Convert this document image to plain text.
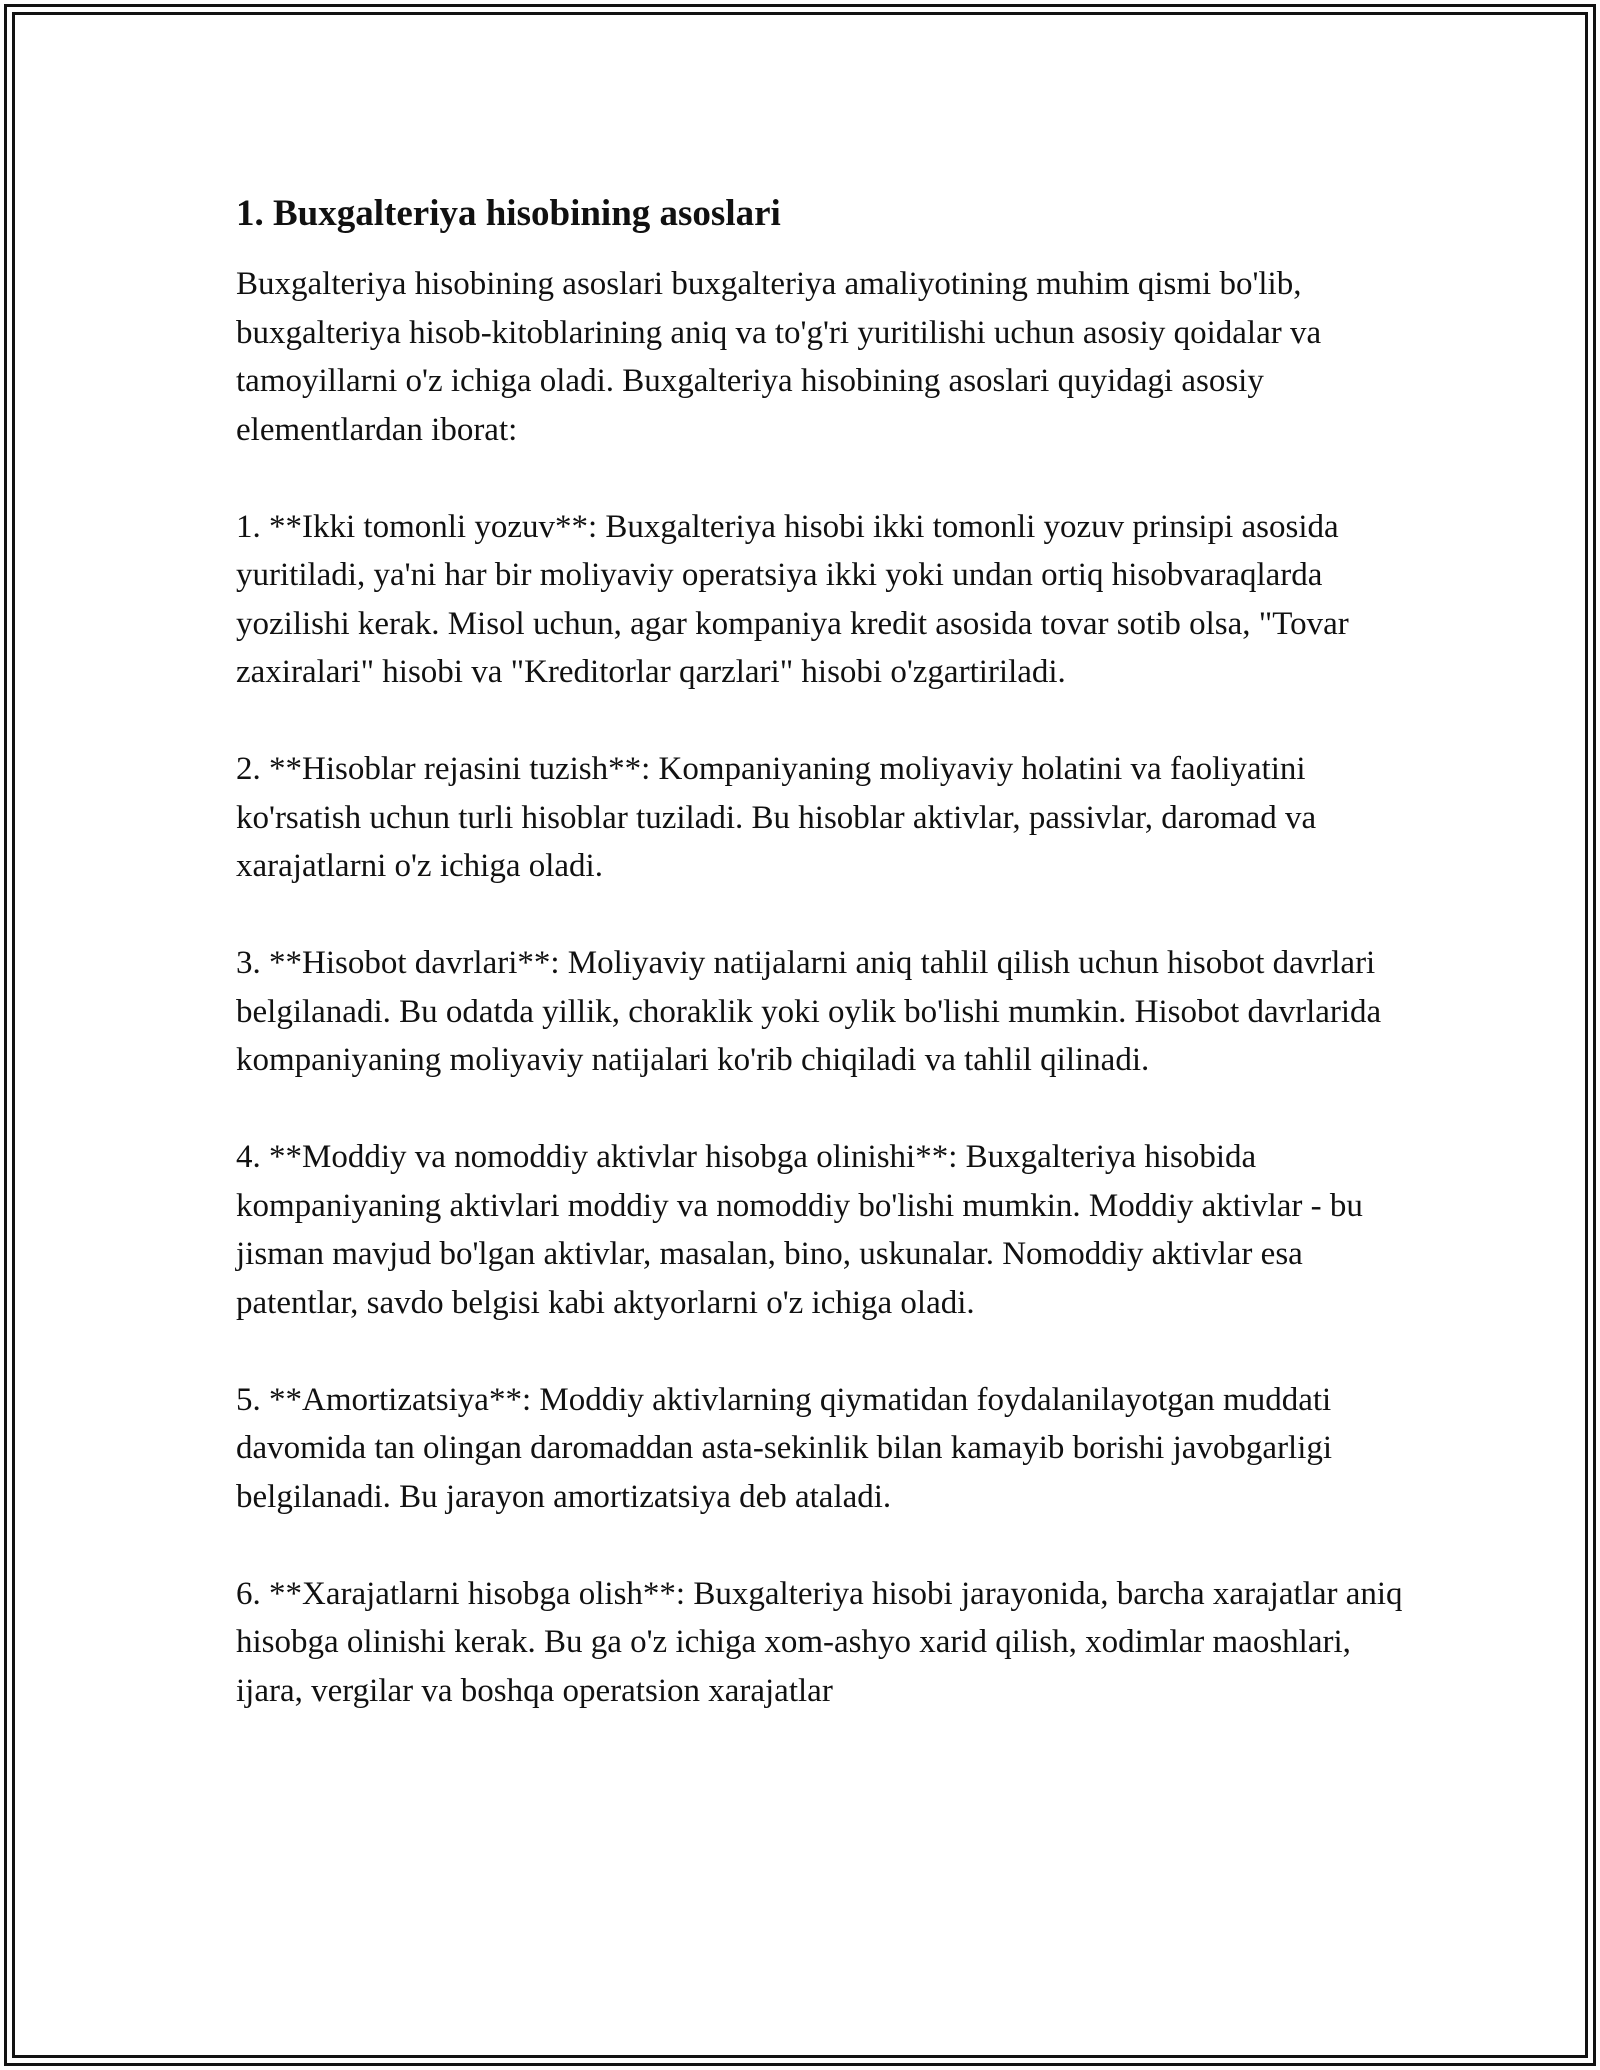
1. Buxgalteriya hisobining asoslari

Buxgalteriya hisobining asoslari buxgalteriya amaliyotining muhim qismi bo'lib, buxgalteriya hisob-kitoblarining aniq va to'g'ri yuritilishi uchun asosiy qoidalar va tamoyillarni o'z ichiga oladi. Buxgalteriya hisobining asoslari quyidagi asosiy elementlardan iborat:

1. **Ikki tomonli yozuv**: Buxgalteriya hisobi ikki tomonli yozuv prinsipi asosida yuritiladi, ya'ni har bir moliyaviy operatsiya ikki yoki undan ortiq hisobvaraqlarda yozilishi kerak. Misol uchun, agar kompaniya kredit asosida tovar sotib olsa, "Tovar zaxiralari" hisobi va "Kreditorlar qarzlari" hisobi o'zgartiriladi.

2. **Hisoblar rejasini tuzish**: Kompaniyaning moliyaviy holatini va faoliyatini ko'rsatish uchun turli hisoblar tuziladi. Bu hisoblar aktivlar, passivlar, daromad va xarajatlarni o'z ichiga oladi.

3. **Hisobot davrlari**: Moliyaviy natijalarni aniq tahlil qilish uchun hisobot davrlari belgilanadi. Bu odatda yillik, choraklik yoki oylik bo'lishi mumkin. Hisobot davrlarida kompaniyaning moliyaviy natijalari ko'rib chiqiladi va tahlil qilinadi.

4. **Moddiy va nomoddiy aktivlar hisobga olinishi**: Buxgalteriya hisobida kompaniyaning aktivlari moddiy va nomoddiy bo'lishi mumkin. Moddiy aktivlar - bu jisman mavjud bo'lgan aktivlar, masalan, bino, uskunalar. Nomoddiy aktivlar esa patentlar, savdo belgisi kabi aktyorlarni o'z ichiga oladi.

5. **Amortizatsiya**: Moddiy aktivlarning qiymatidan foydalanilayotgan muddati davomida tan olingan daromaddan asta-sekinlik bilan kamayib borishi javobgarligi belgilanadi. Bu jarayon amortizatsiya deb ataladi.

6. **Xarajatlarni hisobga olish**: Buxgalteriya hisobi jarayonida, barcha xarajatlar aniq hisobga olinishi kerak. Bu ga o'z ichiga xom-ashyo xarid qilish, xodimlar maoshlari, ijara, vergilar va boshqa operatsion xarajatlar
